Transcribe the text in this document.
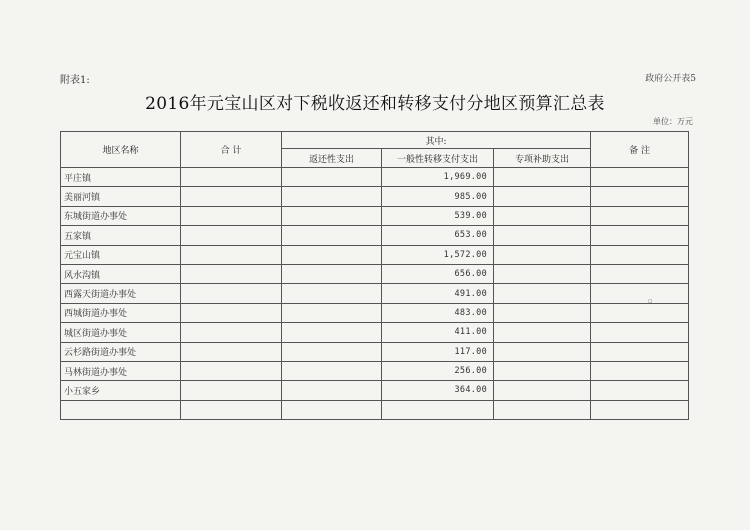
附表1:	政府公开表5
2016年元宝山区对下税收返还和转移支付分地区预算汇总表
单位：万元
地区名称	合 计	其中:			备 注
		返还性支出	一般性转移支付支出	专项补助支出	
平庄镇			1,969.00		
美丽河镇			985.00		
东城街道办事处			539.00		
五家镇			653.00		
元宝山镇			1,572.00		
风水沟镇			656.00		
西露天街道办事处			491.00		
西城街道办事处			483.00		
城区街道办事处			411.00		
云杉路街道办事处			117.00		
马林街道办事处			256.00		
小五家乡			364.00		

▫
